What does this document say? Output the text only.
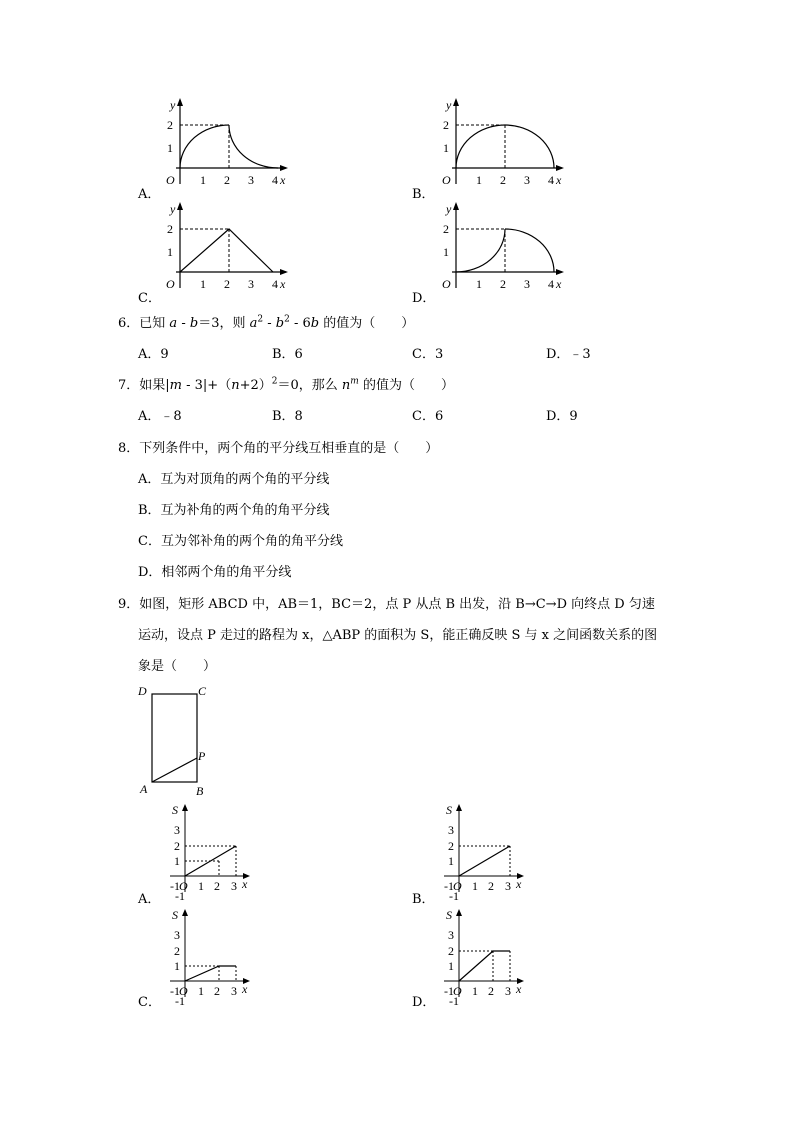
y
2
1
O 1 2 3 4 x
A．
y
2
1
O 1 2 3 4 x
B．
y
2
1
O 1 2 3 4 x
C．
y
2
1
O 1 2 3 4 x
D．
6．已知 a - b＝3，则 $a^2 - b^2 - 6b$ 的值为（　　）
A．9	B．6	C．3	D．﹣3
7．如果$|m - 3|+(n+2)^2=0$，那么 $n^m$ 的值为（　　）
A．﹣8	B．8	C．6	D．9
8．下列条件中，两个角的平分线互相垂直的是（　　）
A．互为对顶角的两个角的平分线
B．互为补角的两个角的角平分线
C．互为邻补角的两个角的角平分线
D．相邻两个角的角平分线
9．如图，矩形 ABCD 中，AB＝1，BC＝2，点 P 从点 B 出发，沿 B→C→D 向终点 D 匀速
运动，设点 P 走过的路程为 x，△ABP 的面积为 S，能正确反映 S 与 x 之间函数关系的图
象是（　　）
D	C
P
A	B
S
3
2
1
-1 O 1 2 3 x
-1
A．
S
3
2
1
-1 O 1 2 3 x
-1
B．
S
3
2
1
-1 O 1 2 3 x
-1
C．
S
3
2
1
-1 O 1 2 3 x
-1
D．
